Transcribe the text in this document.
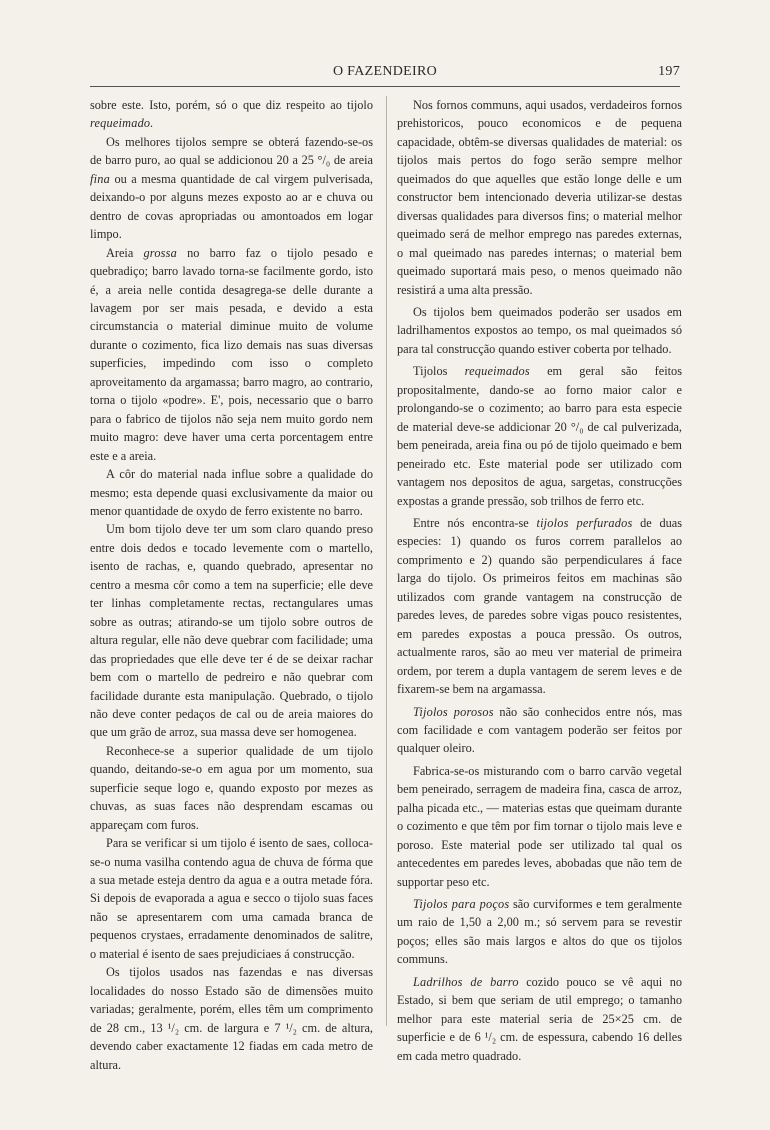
O FAZENDEIRO	197

sobre este. Isto, porém, só o que diz respeito ao tijolo requeimado.

Os melhores tijolos sempre se obterá fazendo-se-os de barro puro, ao qual se addicionou 20 a 25 °/₀ de areia fina ou a mesma quantidade de cal virgem pulverisada, deixando-o por alguns mezes exposto ao ar e chuva ou dentro de covas apropriadas ou amontoados em logar limpo.

Areia grossa no barro faz o tijolo pesado e quebradiço; barro lavado torna-se facilmente gordo, isto é, a areia nelle contida desagrega-se delle durante a lavagem por ser mais pesada, e devido a esta circumstancia o material diminue muito de volume durante o cozimento, fica lizo demais nas suas diversas superficies, impedindo com isso o completo aproveitamento da argamassa; barro magro, ao contrario, torna o tijolo «podre». E', pois, necessario que o barro para o fabrico de tijolos não seja nem muito gordo nem muito magro: deve haver uma certa porcentagem entre este e a areia.

A côr do material nada influe sobre a qualidade do mesmo; esta depende quasi exclusivamente da maior ou menor quantidade de oxydo de ferro existente no barro.

Um bom tijolo deve ter um som claro quando preso entre dois dedos e tocado levemente com o martello, isento de rachas, e, quando quebrado, apresentar no centro a mesma côr como a tem na superficie; elle deve ter linhas completamente rectas, rectangulares umas sobre as outras; atirando-se um tijolo sobre outros de altura regular, elle não deve quebrar com facilidade; uma das propriedades que elle deve ter é de se deixar rachar bem com o martello de pedreiro e não quebrar com facilidade durante esta manipulação. Quebrado, o tijolo não deve conter pedaços de cal ou de areia maiores do que um grão de arroz, sua massa deve ser homogenea.

Reconhece-se a superior qualidade de um tijolo quando, deitando-se-o em agua por um momento, sua superficie seque logo e, quando exposto por mezes as chuvas, as suas faces não desprendam escamas ou appareçam com furos.

Para se verificar si um tijolo é isento de saes, colloca-se-o numa vasilha contendo agua de chuva de fórma que a sua metade esteja dentro da agua e a outra metade fóra. Si depois de evaporada a agua e secco o tijolo suas faces não se apresentarem com uma camada branca de pequenos crystaes, erradamente denominados de salitre, o material é isento de saes prejudiciaes á construcção.

Os tijolos usados nas fazendas e nas diversas localidades do nosso Estado são de dimensões muito variadas; geralmente, porém, elles têm um comprimento de 28 cm., 13 ¹/₂ cm. de largura e 7 ¹/₂ cm. de altura, devendo caber exactamente 12 fiadas em cada metro de altura.

Nos fornos communs, aqui usados, verdadeiros fornos prehistoricos, pouco economicos e de pequena capacidade, obtêm-se diversas qualidades de material: os tijolos mais pertos do fogo serão sempre melhor queimados do que aquelles que estão longe delle e um constructor bem intencionado deveria utilizar-se destas diversas qualidades para diversos fins; o material melhor queimado será de melhor emprego nas paredes externas, o mal queimado nas paredes internas; o material bem queimado suportará mais peso, o menos queimado não resistirá a uma alta pressão.

Os tijolos bem queimados poderão ser usados em ladrilhamentos expostos ao tempo, os mal queimados só para tal construcção quando estiver coberta por telhado.

Tijolos requeimados em geral são feitos propositalmente, dando-se ao forno maior calor e prolongando-se o cozimento; ao barro para esta especie de material deve-se addicionar 20 °/₀ de cal pulverizada, bem peneirada, areia fina ou pó de tijolo queimado e bem peneirado etc. Este material pode ser utilizado com vantagem nos depositos de agua, sargetas, construcções expostas a grande pressão, sob trilhos de ferro etc.

Entre nós encontra-se tijolos perfurados de duas especies: 1) quando os furos correm parallelos ao comprimento e 2) quando são perpendiculares á face larga do tijolo. Os primeiros feitos em machinas são utilizados com grande vantagem na construcção de paredes leves, de paredes sobre vigas pouco resistentes, em paredes expostas a pouca pressão. Os outros, actualmente raros, são ao meu ver material de primeira ordem, por terem a dupla vantagem de serem leves e de fixarem-se bem na argamassa.

Tijolos porosos não são conhecidos entre nós, mas com facilidade e com vantagem poderão ser feitos por qualquer oleiro.

Fabrica-se-os misturando com o barro carvão vegetal bem peneirado, serragem de madeira fina, casca de arroz, palha picada etc., — materias estas que queimam durante o cozimento e que têm por fim tornar o tijolo mais leve e poroso. Este material pode ser utilizado tal qual os antecedentes em paredes leves, abobadas que não tem de supportar peso etc.

Tijolos para poços são curviformes e tem geralmente um raio de 1,50 a 2,00 m.; só servem para se revestir poços; elles são mais largos e altos do que os tijolos communs.

Ladrilhos de barro cozido pouco se vê aqui no Estado, si bem que seriam de util emprego; o tamanho melhor para este material seria de 25×25 cm. de superficie e de 6 ¹/₂ cm. de espessura, cabendo 16 delles em cada metro quadrado.
